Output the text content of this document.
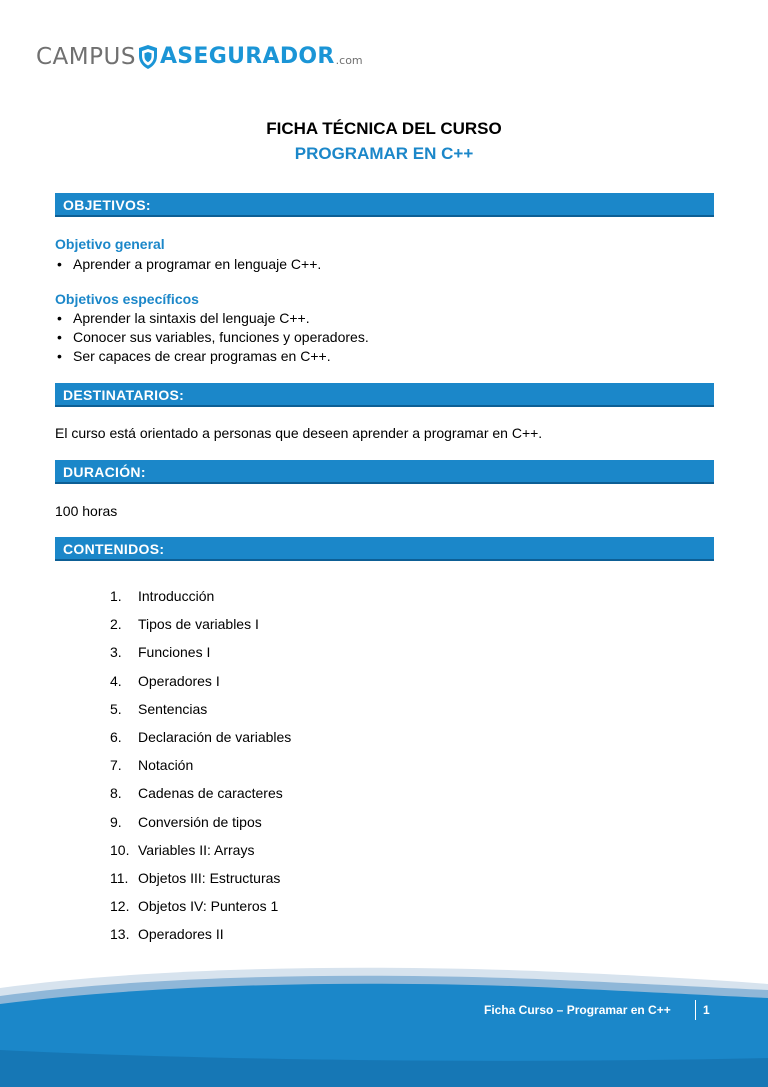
CAMPUS ASEGURADOR .com
FICHA TÉCNICA DEL CURSO
PROGRAMAR EN C++
OBJETIVOS:
Objetivo general
• Aprender a programar en lenguaje C++.
Objetivos específicos
• Aprender la sintaxis del lenguaje C++.
• Conocer sus variables, funciones y operadores.
• Ser capaces de crear programas en C++.
DESTINATARIOS:
El curso está orientado a personas que deseen aprender a programar en C++.
DURACIÓN:
100 horas
CONTENIDOS:
1.	Introducción
2.	Tipos de variables I
3.	Funciones I
4.	Operadores I
5.	Sentencias
6.	Declaración de variables
7.	Notación
8.	Cadenas de caracteres
9.	Conversión de tipos
10. Variables II: Arrays
11. Objetos III: Estructuras
12. Objetos IV: Punteros 1
13. Operadores II
Ficha Curso – Programar en C++	1
